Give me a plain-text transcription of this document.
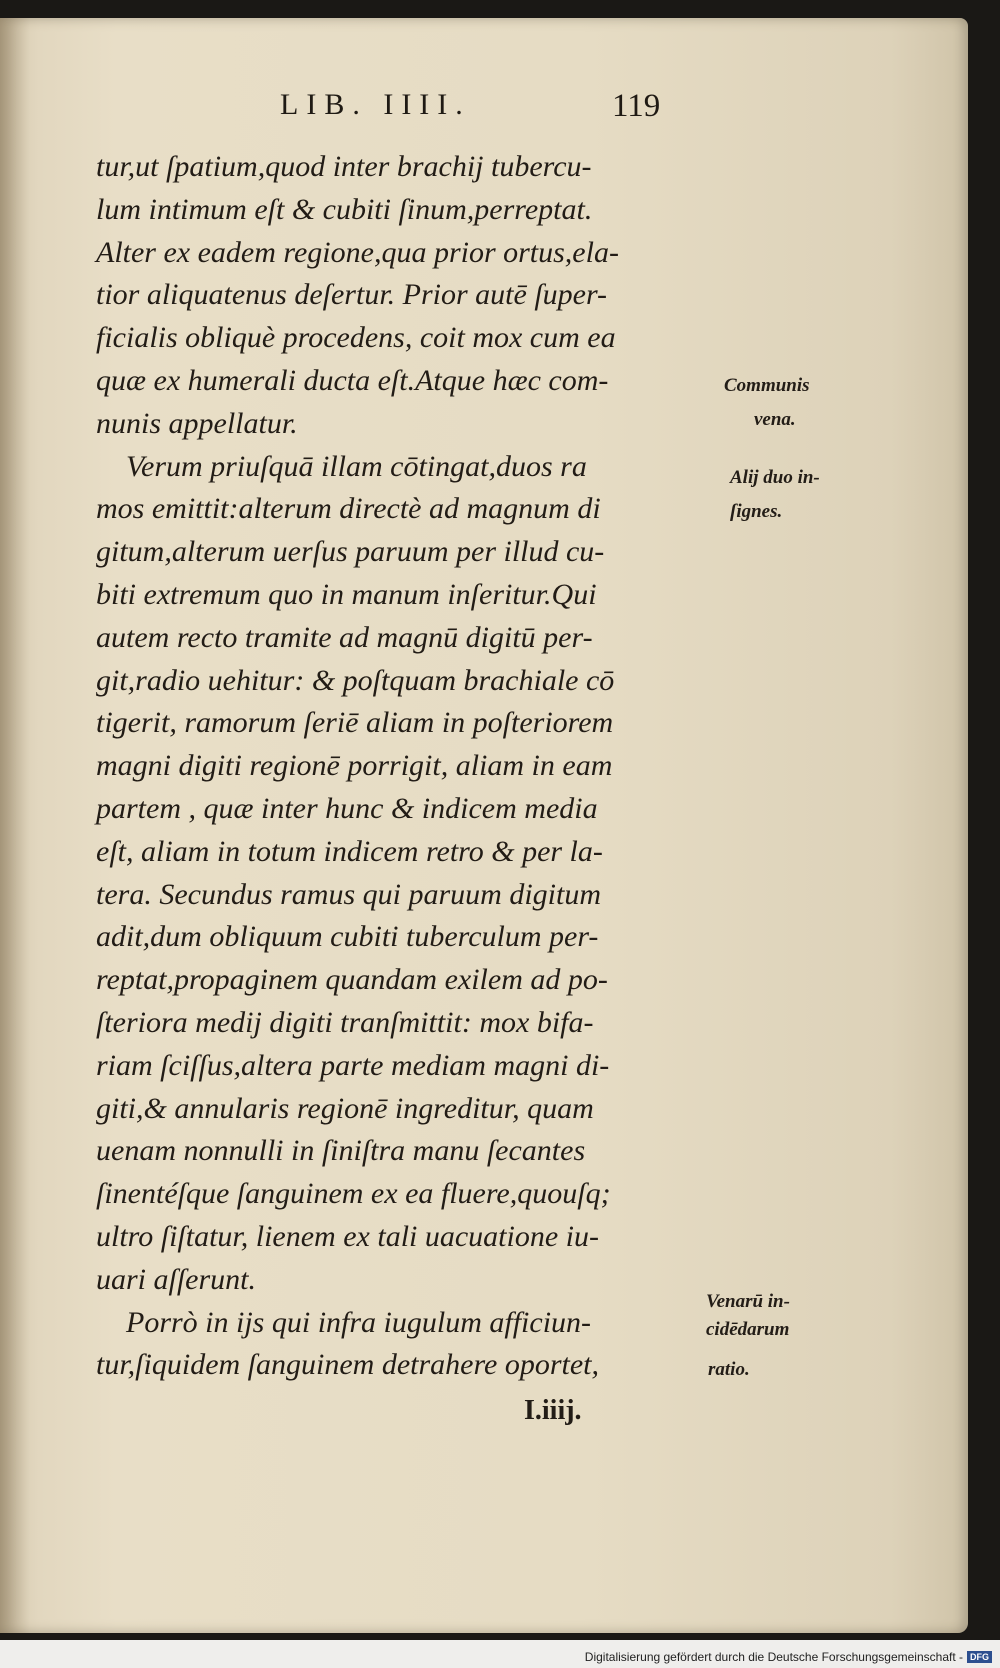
LIB. IIII.	119
tur,ut ſpatium,quod inter brachij tubercu-
lum intimum eſt & cubiti ſinum,perreptat.
Alter ex eadem regione,qua prior ortus,ela-
tior aliquatenus deſertur. Prior autē ſuper-
ficialis obliquè procedens, coit mox cum ea
quæ ex humerali ducta eſt.Atque hæc com-
nunis appellatur.
Verum priuſquā illam cōtingat,duos ra
mos emittit:alterum directè ad magnum di
gitum,alterum uerſus paruum per illud cu-
biti extremum quo in manum inſeritur.Qui
autem recto tramite ad magnū digitū per-
git,radio uehitur: & poſtquam brachiale cō
tigerit, ramorum ſeriē aliam in poſteriorem
magni digiti regionē porrigit, aliam in eam
partem , quæ inter hunc & indicem media
eſt, aliam in totum indicem retro & per la-
tera. Secundus ramus qui paruum digitum
adit,dum obliquum cubiti tuberculum per-
reptat,propaginem quandam exilem ad po-
ſteriora medij digiti tranſmittit: mox bifa-
riam ſciſſus,altera parte mediam magni di-
giti,& annularis regionē ingreditur, quam
uenam nonnulli in ſiniſtra manu ſecantes
ſinentéſque ſanguinem ex ea fluere,quouſq;
ultro ſiſtatur, lienem ex tali uacuatione iu-
uari aſſerunt.
Porrò in ijs qui infra iugulum afficiun-
tur,ſiquidem ſanguinem detrahere oportet,
Communis
vena.
Alij duo in-
ſignes.
Venarū in-
cidēdarum
ratio.
I.iiij.
Digitalisierung gefördert durch die Deutsche Forschungsgemeinschaft - DFG
